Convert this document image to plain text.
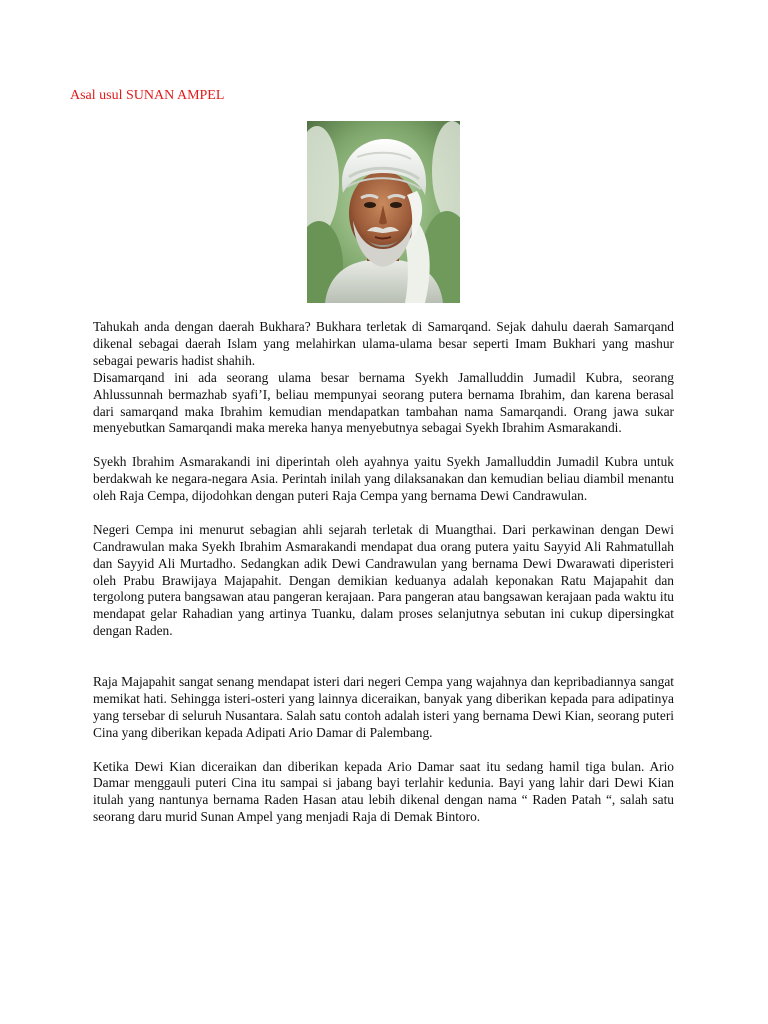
Asal usul SUNAN AMPEL

Tahukah anda dengan daerah Bukhara? Bukhara terletak di Samarqand. Sejak dahulu daerah Samarqand dikenal sebagai daerah Islam yang melahirkan ulama-ulama besar seperti Imam Bukhari yang mashur sebagai pewaris hadist shahih.

Disamarqand ini ada seorang ulama besar bernama Syekh Jamalluddin Jumadil Kubra, seorang Ahlussunnah bermazhab syafi’I, beliau mempunyai seorang putera bernama Ibrahim, dan karena berasal dari samarqand maka Ibrahim kemudian mendapatkan tambahan nama Samarqandi. Orang jawa sukar menyebutkan Samarqandi maka mereka hanya menyebutnya sebagai Syekh Ibrahim Asmarakandi.

Syekh Ibrahim Asmarakandi ini diperintah oleh ayahnya yaitu Syekh Jamalluddin Jumadil Kubra untuk berdakwah ke negara-negara Asia. Perintah inilah yang dilaksanakan dan kemudian beliau diambil menantu oleh Raja Cempa, dijodohkan dengan puteri Raja Cempa yang bernama Dewi Candrawulan.

Negeri Cempa ini menurut sebagian ahli sejarah terletak di Muangthai. Dari perkawinan dengan Dewi Candrawulan maka Syekh Ibrahim Asmarakandi mendapat dua orang putera yaitu Sayyid Ali Rahmatullah dan Sayyid Ali Murtadho. Sedangkan adik Dewi Candrawulan yang bernama Dewi Dwarawati diperisteri oleh Prabu Brawijaya Majapahit. Dengan demikian keduanya adalah keponakan Ratu Majapahit dan tergolong putera bangsawan atau pangeran kerajaan. Para pangeran atau bangsawan kerajaan pada waktu itu mendapat gelar Rahadian yang artinya Tuanku, dalam proses selanjutnya sebutan ini cukup dipersingkat dengan Raden.

Raja Majapahit sangat senang mendapat isteri dari negeri Cempa yang wajahnya dan kepribadiannya sangat memikat hati. Sehingga isteri-osteri yang lainnya diceraikan, banyak yang diberikan kepada para adipatinya yang tersebar di seluruh Nusantara. Salah satu contoh adalah isteri yang bernama Dewi Kian, seorang puteri Cina yang diberikan kepada Adipati Ario Damar di Palembang.

Ketika Dewi Kian diceraikan dan diberikan kepada Ario Damar saat itu sedang hamil tiga bulan. Ario Damar menggauli puteri Cina itu sampai si jabang bayi terlahir kedunia. Bayi yang lahir dari Dewi Kian itulah yang nantunya bernama Raden Hasan atau lebih dikenal dengan nama “ Raden Patah “, salah satu seorang daru murid Sunan Ampel yang menjadi Raja di Demak Bintoro.
